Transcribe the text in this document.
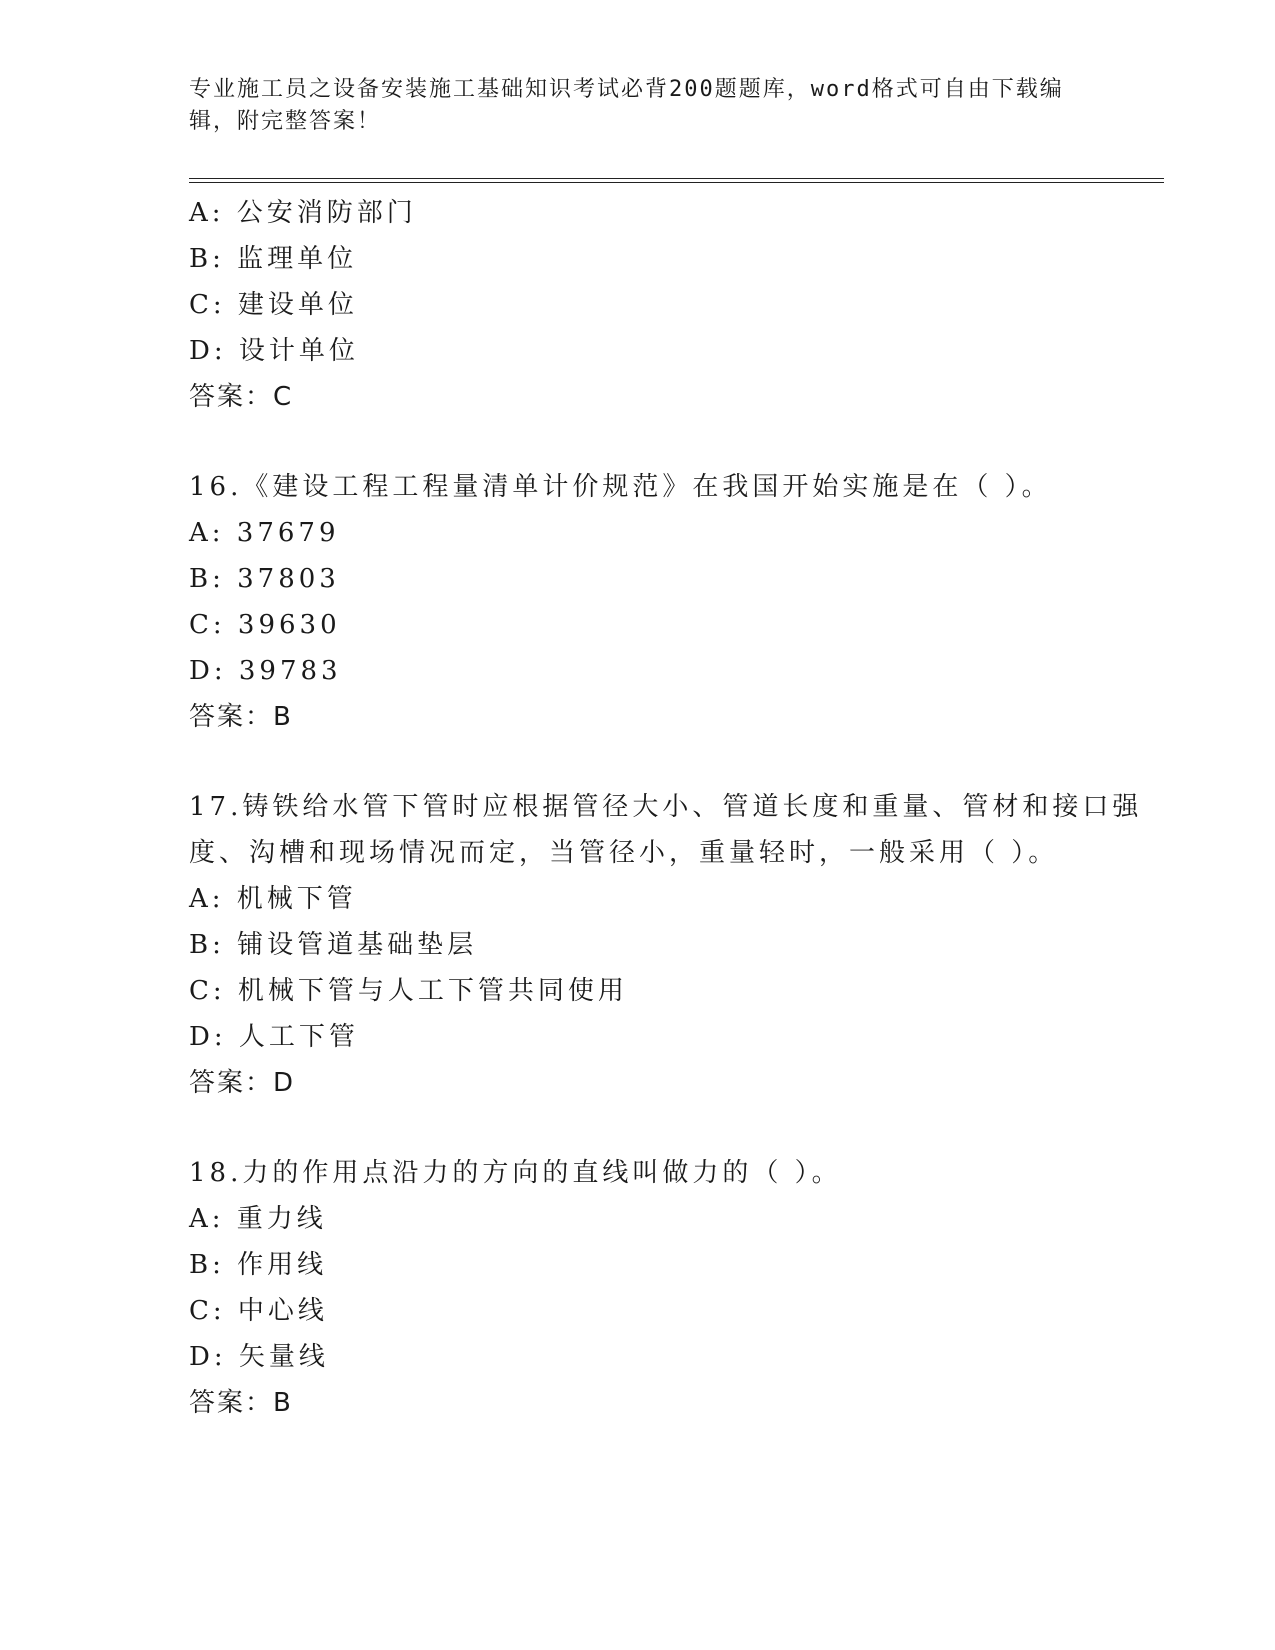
专业施工员之设备安装施工基础知识考试必背200题题库，word格式可自由下载编辑，附完整答案！
A: 公安消防部门
B: 监理单位
C: 建设单位
D: 设计单位
答案：C
16.《建设工程工程量清单计价规范》在我国开始实施是在（ ）。
A: 37679
B: 37803
C: 39630
D: 39783
答案：B
17.铸铁给水管下管时应根据管径大小、管道长度和重量、管材和接口强度、沟槽和现场情况而定，当管径小，重量轻时，一般采用（ ）。
A: 机械下管
B: 铺设管道基础垫层
C: 机械下管与人工下管共同使用
D: 人工下管
答案：D
18.力的作用点沿力的方向的直线叫做力的（ ）。
A: 重力线
B: 作用线
C: 中心线
D: 矢量线
答案：B
